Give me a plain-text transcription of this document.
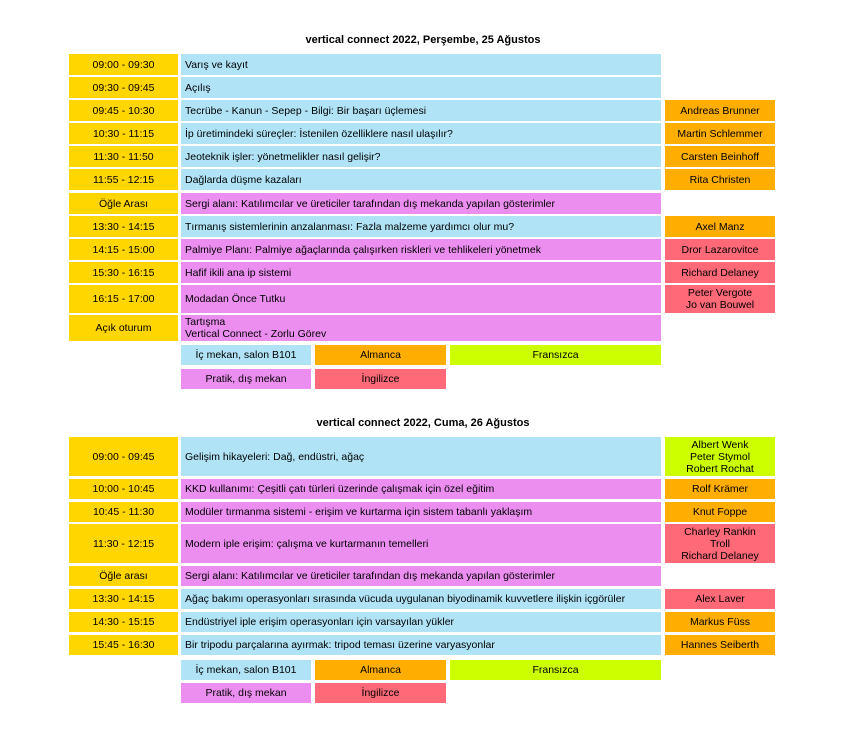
vertical connect 2022, Perşembe, 25 Ağustos
09:00 - 09:30	Varış ve kayıt
09:30 - 09:45	Açılış
09:45 - 10:30	Tecrübe - Kanun - Sepep - Bilgi: Bir başarı üçlemesi	Andreas Brunner
10:30 - 11:15	İp üretimindeki süreçler: İstenilen özelliklere nasıl ulaşılır?	Martin Schlemmer
11:30 - 11:50	Jeoteknik işler: yönetmelikler nasıl gelişir?	Carsten Beinhoff
11:55 - 12:15	Dağlarda düşme kazaları	Rita Christen
Öğle Arası	Sergi alanı: Katılımcılar ve üreticiler tarafından dış mekanda yapılan gösterimler
13:30 - 14:15	Tırmanış sistemlerinin anzalanması: Fazla malzeme yardımcı olur mu?	Axel Manz
14:15 - 15:00	Palmiye Planı: Palmiye ağaçlarında çalışırken riskleri ve tehlikeleri yönetmek	Dror Lazarovitce
15:30 - 16:15	Hafif ikili ana ip sistemi	Richard Delaney
16:15 - 17:00	Modadan Önce Tutku	Peter Vergote
Jo van Bouwel
Açık oturum	Tartışma
Vertical Connect - Zorlu Görev
İç mekan, salon B101	Almanca	Fransızca
Pratik, dış mekan	İngilizce
vertical connect 2022, Cuma, 26 Ağustos
09:00 - 09:45	Gelişim hikayeleri: Dağ, endüstri, ağaç
Albert Wenk
Peter Stymol
Robert Rochat
10:00 - 10:45	KKD kullanımı: Çeşitli çatı türleri üzerinde çalışmak için özel eğitim	Rolf Krämer
10:45 - 11:30	Modüler tırmanma sistemi - erişim ve kurtarma için sistem tabanlı yaklaşım	Knut Foppe
11:30 - 12:15	Modern iple erişim: çalışma ve kurtarmanın temelleri
Charley Rankin
Troll
Richard Delaney
Öğle arası	Sergi alanı: Katılımcılar ve üreticiler tarafından dış mekanda yapılan gösterimler
13:30 - 14:15	Ağaç bakımı operasyonları sırasında vücuda uygulanan biyodinamik kuvvetlere ilişkin içgörüler	Alex Laver
14:30 - 15:15	Endüstriyel iple erişim operasyonları için varsayılan yükler	Markus Füss
15:45 - 16:30	Bir tripodu parçalarına ayırmak: tripod teması üzerine varyasyonlar	Hannes Seiberth
İç mekan, salon B101	Almanca	Fransızca
Pratik, dış mekan	İngilizce
